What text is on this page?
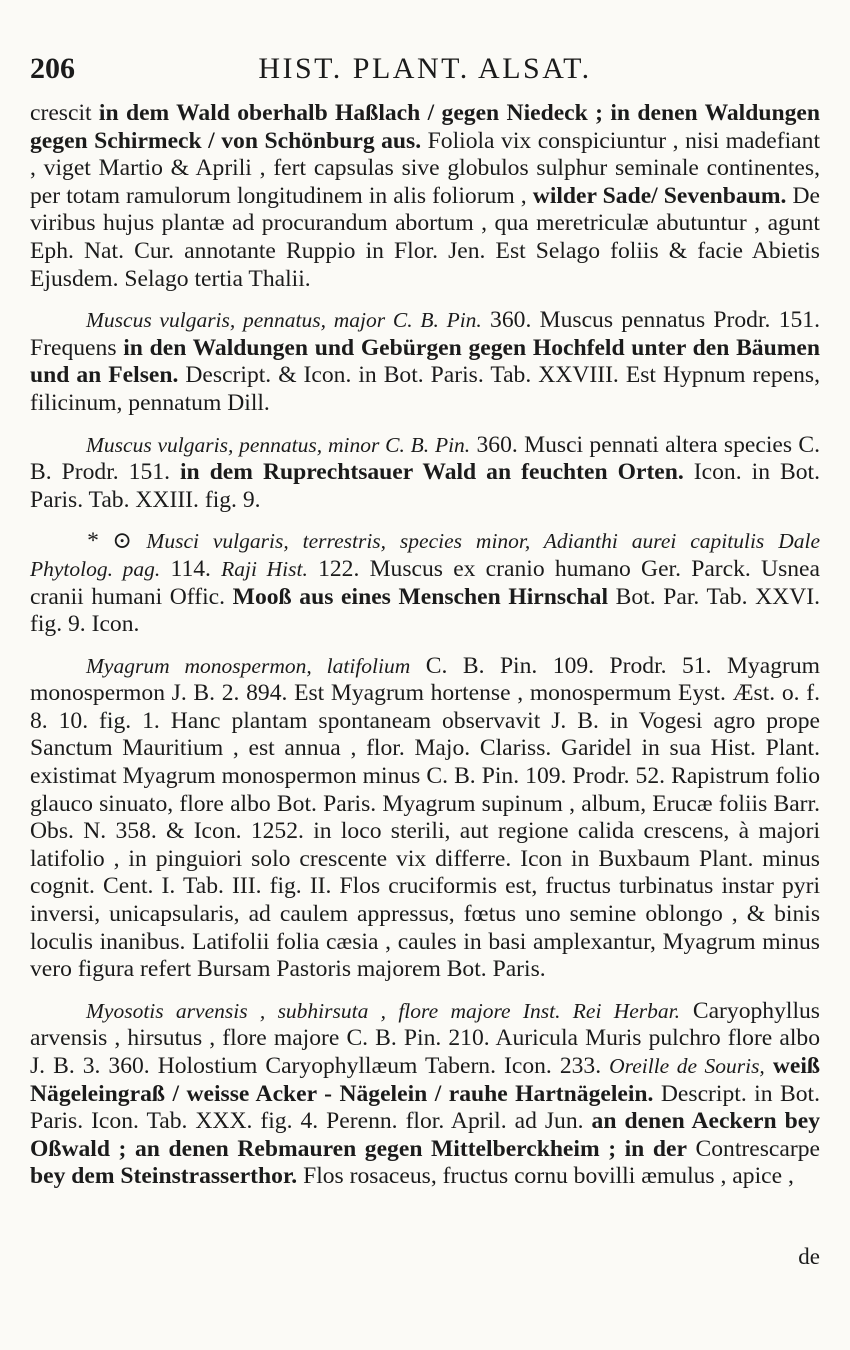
206	HIST. PLANT. ALSAT.

crescit in dem Wald oberhalb Haßlach / gegen Niedeck ; in denen Waldungen gegen Schirmeck / von Schönburg aus. Foliola vix conspiciuntur , nisi madefiant , viget Martio & Aprili , fert capsulas sive globulos sulphur seminale continentes, per totam ramulorum longitudinem in alis foliorum , wilder Sade/ Sevenbaum. De viribus hujus plantæ ad procurandum abortum , qua meretriculæ abutuntur , agunt Eph. Nat. Cur. annotante Ruppio in Flor. Jen. Est Selago foliis & facie Abietis Ejusdem. Selago tertia Thalii.

Muscus vulgaris, pennatus, major C. B. Pin. 360. Muscus pennatus Prodr. 151. Frequens in den Waldungen und Gebürgen gegen Hochfeld unter den Bäumen und an Felsen. Descript. & Icon. in Bot. Paris. Tab. XXVIII. Est Hypnum repens, filicinum, pennatum Dill.

Muscus vulgaris, pennatus, minor C. B. Pin. 360. Musci pennati altera species C. B. Prodr. 151. in dem Ruprechtsauer Wald an feuchten Orten. Icon. in Bot. Paris. Tab. XXIII. fig. 9.

* ⊙ Musci vulgaris, terrestris, species minor, Adianthi aurei capitulis Dale Phytolog. pag. 114. Raji Hist. 122. Muscus ex cranio humano Ger. Parck. Usnea cranii humani Offic. Mooß aus eines Menschen Hirnschal Bot. Par. Tab. XXVI. fig. 9. Icon.

Myagrum monospermon, latifolium C. B. Pin. 109. Prodr. 51. Myagrum monospermon J. B. 2. 894. Est Myagrum hortense , monospermum Eyst. Æst. o. f. 8. 10. fig. 1. Hanc plantam spontaneam observavit J. B. in Vogesi agro prope Sanctum Mauritium , est annua , flor. Majo. Clariss. Garidel in sua Hist. Plant. existimat Myagrum monospermon minus C. B. Pin. 109. Prodr. 52. Rapistrum folio glauco sinuato, flore albo Bot. Paris. Myagrum supinum , album, Erucæ foliis Barr. Obs. N. 358. & Icon. 1252. in loco sterili, aut regione calida crescens, à majori latifolio , in pinguiori solo crescente vix differre. Icon in Buxbaum Plant. minus cognit. Cent. I. Tab. III. fig. II. Flos cruciformis est, fructus turbinatus instar pyri inversi, unicapsularis, ad caulem appressus, fœtus uno semine oblongo , & binis loculis inanibus. Latifolii folia cæsia , caules in basi amplexantur, Myagrum minus vero figura refert Bursam Pastoris majorem Bot. Paris.

Myosotis arvensis , subhirsuta , flore majore Inst. Rei Herbar. Caryophyllus arvensis , hirsutus , flore majore C. B. Pin. 210. Auricula Muris pulchro flore albo J. B. 3. 360. Holostium Caryophyllæum Tabern. Icon. 233. Oreille de Souris, weiß Nägeleingraß / weisse Acker - Nägelein / rauhe Hartnägelein. Descript. in Bot. Paris. Icon. Tab. XXX. fig. 4. Perenn. flor. April. ad Jun. an denen Aeckern bey Oßwald ; an denen Rebmauren gegen Mittelberckheim ; in der Contrescarpe bey dem Steinstrasserthor. Flos rosaceus, fructus cornu bovilli æmulus , apice ,

de
